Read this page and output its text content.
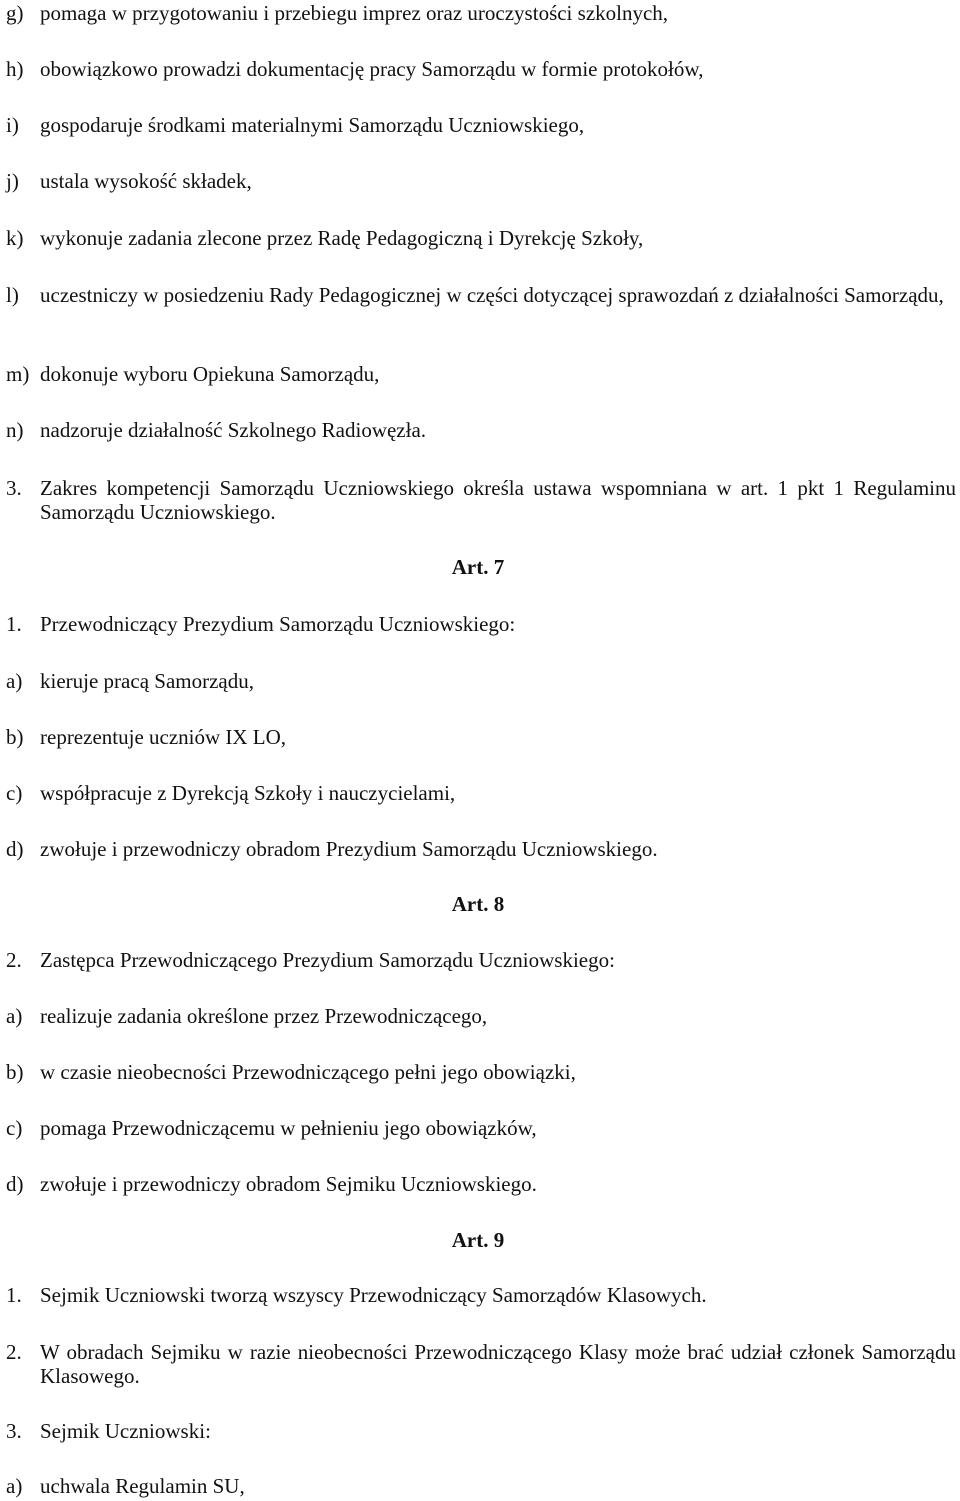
g) pomaga w przygotowaniu i przebiegu imprez oraz uroczystości szkolnych,
h) obowiązkowo prowadzi dokumentację pracy Samorządu w formie protokołów,
i)	gospodaruje środkami materialnymi Samorządu Uczniowskiego,
j)	ustala wysokość składek,
k) wykonuje zadania zlecone przez Radę Pedagogiczną i Dyrekcję Szkoły,
l)	uczestniczy w posiedzeniu Rady Pedagogicznej w części dotyczącej sprawozdań z działalności Samorządu,
m) dokonuje wyboru Opiekuna Samorządu,
n) nadzoruje działalność Szkolnego Radiowęzła.
3. Zakres kompetencji Samorządu Uczniowskiego określa ustawa wspomniana w art. 1 pkt 1 Regulaminu Samorządu Uczniowskiego.
Art. 7
1. Przewodniczący Prezydium Samorządu Uczniowskiego:
a) kieruje pracą Samorządu,
b) reprezentuje uczniów IX LO,
c) współpracuje z Dyrekcją Szkoły i nauczycielami,
d) zwołuje i przewodniczy obradom Prezydium Samorządu Uczniowskiego.
Art. 8
2. Zastępca Przewodniczącego Prezydium Samorządu Uczniowskiego:
a) realizuje zadania określone przez Przewodniczącego,
b) w czasie nieobecności Przewodniczącego pełni jego obowiązki,
c) pomaga Przewodniczącemu w pełnieniu jego obowiązków,
d) zwołuje i przewodniczy obradom Sejmiku Uczniowskiego.
Art. 9
1. Sejmik Uczniowski tworzą wszyscy Przewodniczący Samorządów Klasowych.
2. W obradach Sejmiku w razie nieobecności Przewodniczącego Klasy może brać udział członek Samorządu Klasowego.
3. Sejmik Uczniowski:
a) uchwala Regulamin SU,
